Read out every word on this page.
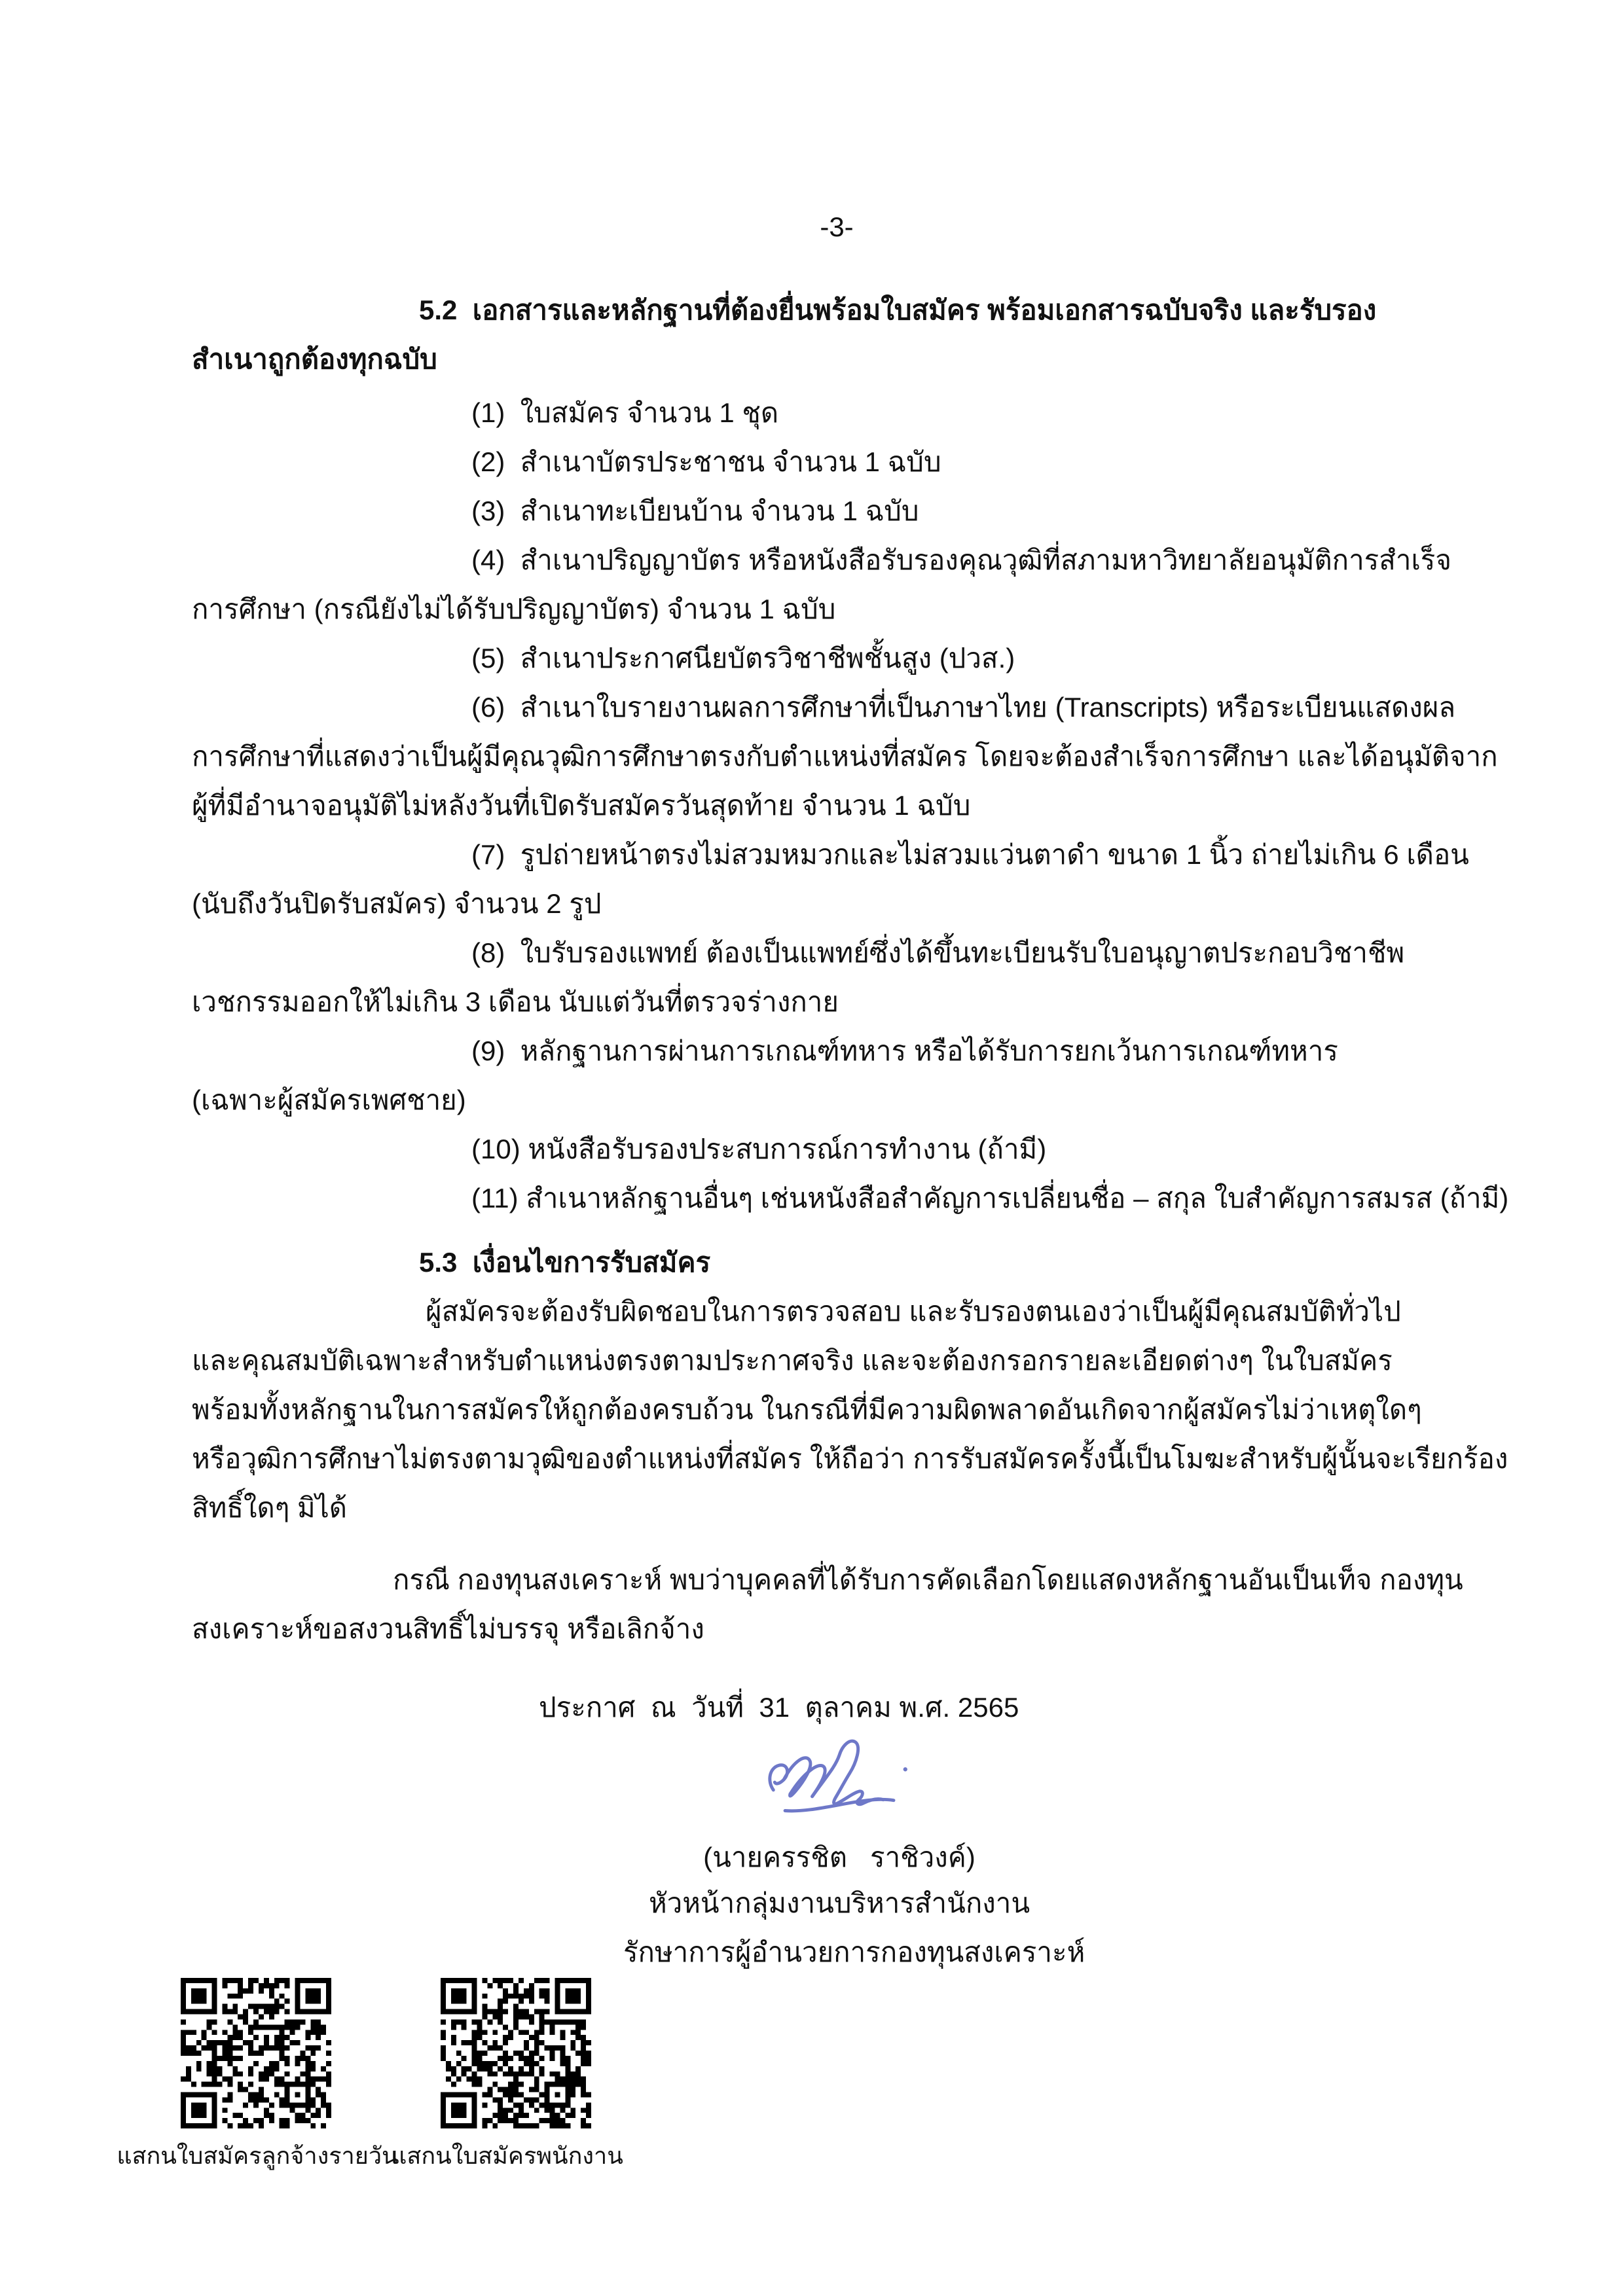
-3-
5.2  เอกสารและหลักฐานที่ต้องยื่นพร้อมใบสมัคร พร้อมเอกสารฉบับจริง และรับรอง
สำเนาถูกต้องทุกฉบับ
(1)  ใบสมัคร จำนวน 1 ชุด
(2)  สำเนาบัตรประชาชน จำนวน 1 ฉบับ
(3)  สำเนาทะเบียนบ้าน จำนวน 1 ฉบับ
(4)  สำเนาปริญญาบัตร หรือหนังสือรับรองคุณวุฒิที่สภามหาวิทยาลัยอนุมัติการสำเร็จ
การศึกษา (กรณียังไม่ได้รับปริญญาบัตร) จำนวน 1 ฉบับ
(5)  สำเนาประกาศนียบัตรวิชาชีพชั้นสูง (ปวส.)
(6)  สำเนาใบรายงานผลการศึกษาที่เป็นภาษาไทย (Transcripts) หรือระเบียนแสดงผล
การศึกษาที่แสดงว่าเป็นผู้มีคุณวุฒิการศึกษาตรงกับตำแหน่งที่สมัคร โดยจะต้องสำเร็จการศึกษา และได้อนุมัติจาก
ผู้ที่มีอำนาจอนุมัติไม่หลังวันที่เปิดรับสมัครวันสุดท้าย จำนวน 1 ฉบับ
(7)  รูปถ่ายหน้าตรงไม่สวมหมวกและไม่สวมแว่นตาดำ ขนาด 1 นิ้ว ถ่ายไม่เกิน 6 เดือน
(นับถึงวันปิดรับสมัคร) จำนวน 2 รูป
(8)  ใบรับรองแพทย์ ต้องเป็นแพทย์ซึ่งได้ขึ้นทะเบียนรับใบอนุญาตประกอบวิชาชีพ
เวชกรรมออกให้ไม่เกิน 3 เดือน นับแต่วันที่ตรวจร่างกาย
(9)  หลักฐานการผ่านการเกณฑ์ทหาร หรือได้รับการยกเว้นการเกณฑ์ทหาร
(เฉพาะผู้สมัครเพศชาย)
(10) หนังสือรับรองประสบการณ์การทำงาน (ถ้ามี)
(11) สำเนาหลักฐานอื่นๆ เช่นหนังสือสำคัญการเปลี่ยนชื่อ – สกุล ใบสำคัญการสมรส (ถ้ามี)
5.3  เงื่อนไขการรับสมัคร
ผู้สมัครจะต้องรับผิดชอบในการตรวจสอบ และรับรองตนเองว่าเป็นผู้มีคุณสมบัติทั่วไป
และคุณสมบัติเฉพาะสำหรับตำแหน่งตรงตามประกาศจริง และจะต้องกรอกรายละเอียดต่างๆ ในใบสมัคร
พร้อมทั้งหลักฐานในการสมัครให้ถูกต้องครบถ้วน ในกรณีที่มีความผิดพลาดอันเกิดจากผู้สมัครไม่ว่าเหตุใดๆ
หรือวุฒิการศึกษาไม่ตรงตามวุฒิของตำแหน่งที่สมัคร ให้ถือว่า การรับสมัครครั้งนี้เป็นโมฆะสำหรับผู้นั้นจะเรียกร้อง
สิทธิ์ใดๆ มิได้
กรณี กองทุนสงเคราะห์ พบว่าบุคคลที่ได้รับการคัดเลือกโดยแสดงหลักฐานอันเป็นเท็จ กองทุน
สงเคราะห์ขอสงวนสิทธิ์ไม่บรรจุ หรือเลิกจ้าง
ประกาศ  ณ  วันที่  31  ตุลาคม พ.ศ. 2565
(นายครรชิต   ราชิวงค์)
หัวหน้ากลุ่มงานบริหารสำนักงาน
รักษาการผู้อำนวยการกองทุนสงเคราะห์
แสกนใบสมัครลูกจ้างรายวัน
แสกนใบสมัครพนักงาน
